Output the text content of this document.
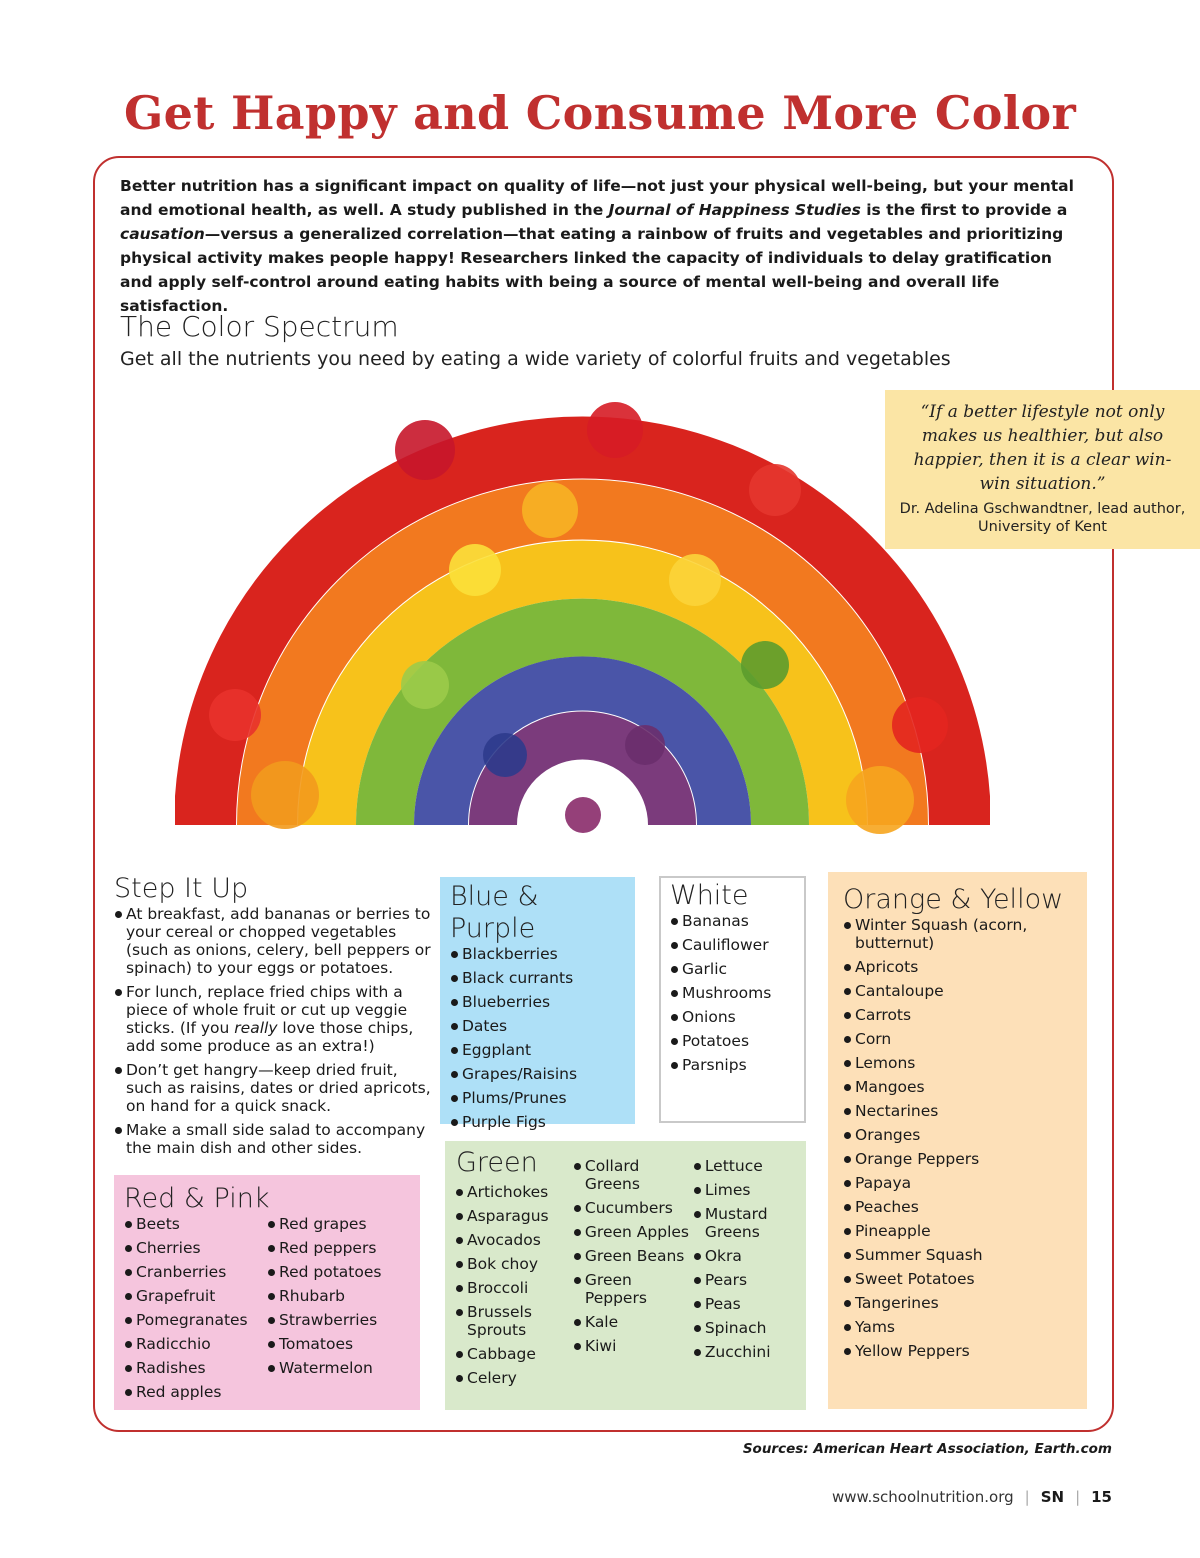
Get Happy and Consume More Color

Better nutrition has a significant impact on quality of life—not just your physical well-being, but your mental and emotional health, as well. A study published in the Journal of Happiness Studies is the first to provide a causation—versus a generalized correlation—that eating a rainbow of fruits and vegetables and prioritizing physical activity makes people happy! Researchers linked the capacity of individuals to delay gratification and apply self-control around eating habits with being a source of mental well-being and overall life satisfaction.

The Color Spectrum

Get all the nutrients you need by eating a wide variety of colorful fruits and vegetables

“If a better lifestyle not only makes us healthier, but also happier, then it is a clear win-win situation.”

Dr. Adelina Gschwandtner, lead author, University of Kent

Step It Up
At breakfast, add bananas or berries to your cereal or chopped vegetables (such as onions, celery, bell peppers or spinach) to your eggs or potatoes.
For lunch, replace fried chips with a piece of whole fruit or cut up veggie sticks. (If you really love those chips, add some produce as an extra!)
Don’t get hangry—keep dried fruit, such as raisins, dates or dried apricots, on hand for a quick snack.
Make a small side salad to accompany the main dish and other sides.
Blue & Purple
Blackberries
Black currants
Blueberries
Dates
Eggplant
Grapes/Raisins
Plums/Prunes
Purple Figs
White
Bananas
Cauliflower
Garlic
Mushrooms
Onions
Potatoes
Parsnips
Orange & Yellow
Winter Squash (acorn, butternut)
Apricots
Cantaloupe
Carrots
Corn
Lemons
Mangoes
Nectarines
Oranges
Orange Peppers
Papaya
Peaches
Pineapple
Summer Squash
Sweet Potatoes
Tangerines
Yams
Yellow Peppers
Red & Pink
Beets
Cherries
Cranberries
Grapefruit
Pomegranates
Radicchio
Radishes
Red apples
Red grapes
Red peppers
Red potatoes
Rhubarb
Strawberries
Tomatoes
Watermelon
Green
Artichokes
Asparagus
Avocados
Bok choy
Broccoli
Brussels Sprouts
Cabbage
Celery
Collard Greens
Cucumbers
Green Apples
Green Beans
Green Peppers
Kale
Kiwi
Lettuce
Limes
Mustard Greens
Okra
Pears
Peas
Spinach
Zucchini

Sources: American Heart Association, Earth.com

www.schoolnutrition.org | SN | 15
